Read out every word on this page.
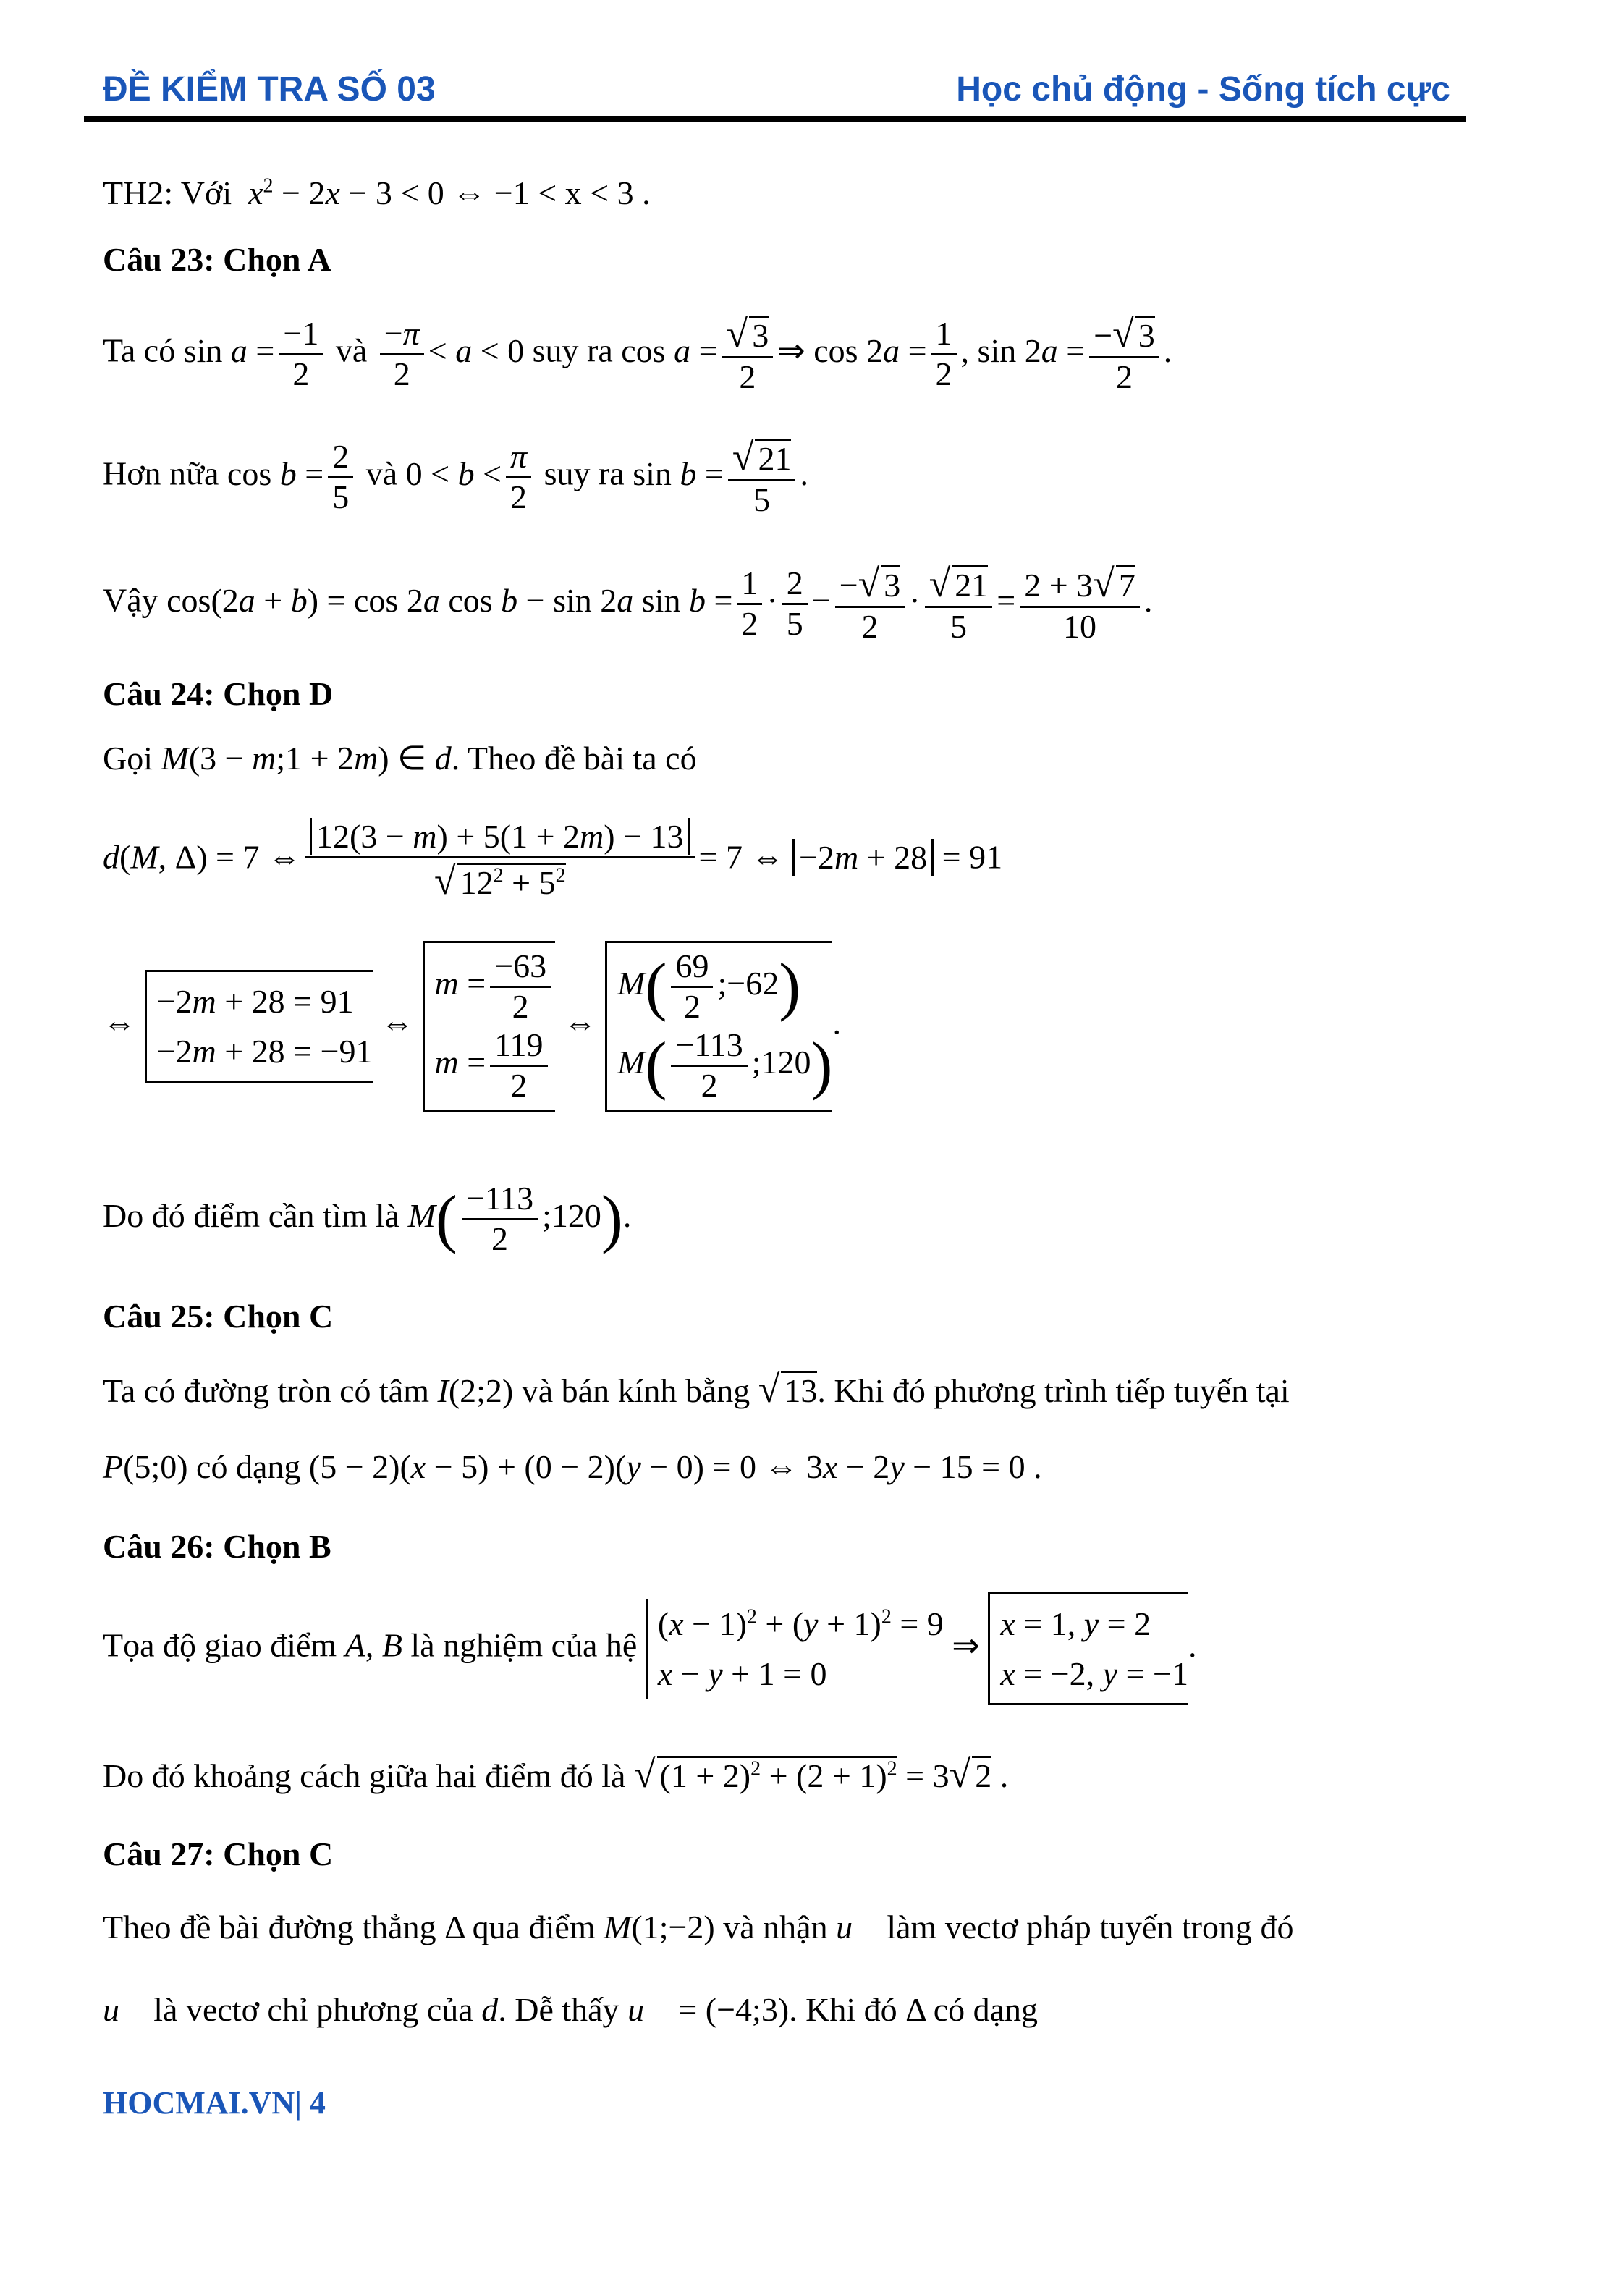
ĐỀ KIỂM TRA SỐ 03	Học chủ động - Sống tích cực
TH2: Với $x^2 - 2x - 3 < 0$ ⇔ −1 < x < 3 .
Câu 23: Chọn A
Ta có $\sin a = \frac{-1}{2}$ và $\frac{-\pi}{2} < a < 0$ suy ra $\cos a = \frac{√ 3}{2}$ ⇒ $\cos 2a = \frac{1}{2}$ , $\sin 2a = \frac{-√ 3}{2}$ .
Hơn nữa $\cos b = \frac{2}{5}$ và $0 < b < \frac{\pi}{2}$ suy ra $\sin b = \frac{√ 21}{5}$ .
Vậy cos(2a + b) = cos 2a cos b − sin 2a $\sin b = \frac{1}{2} \cdot \frac{2}{5} - \frac{-√ 3}{2} \cdot \frac{√ 21}{5} = \frac{2 + 3√ 7}{10}$ .
Câu 24: Chọn D
Gọi M(3 − m;1 + 2m) ∈ d. Theo đề bài ta có
d(M, Δ) = 7 ⇔ $\frac{12(3 - m) + 5(1 + 2m) - 13}{√ 12^2 + 5^2} = 7$ ⇔ −2m + 28 = 91
⇔
−2m + 28 = 91
−2m + 28 = −91
⇔
$m = \frac{-63}{2}$
$m = \frac{119}{2}$
⇔
$M( \frac{69}{2}$ ;−62)
$M( \frac{-113}{2}$ ;120)
.
Do đó điểm cần tìm là $M( \frac{-113}{2}$ ;120).
Câu 25: Chọn C
Ta có đường tròn có tâm I(2;2) và bán kính bằng √ 13. Khi đó phương trình tiếp tuyến tại
P(5;0) có dạng (5 − 2)(x − 5) + (0 − 2)(y − 0) = 0 ⇔ 3x − 2y − 15 = 0 .
Câu 26: Chọn B
Tọa độ giao điểm A, B là nghiệm của hệ
$(x - 1)^2 + (y + 1)^2 = 9$
x − y + 1 = 0
⇒
x = 1, y = 2
x = −2, y = −1
.
Do đó khoảng cách giữa hai điểm đó là √ $(1 + 2)^2 + (2 + 1)^2 = 3√$ 2 .
Câu 27: Chọn C
Theo đề bài đường thẳng Δ qua điểm M(1;−2) và nhận u⃗ làm vectơ pháp tuyến trong đó
u⃗ là vectơ chỉ phương của d. Dễ thấy u⃗ = (−4;3). Khi đó Δ có dạng
HOCMAI.VN| 4
